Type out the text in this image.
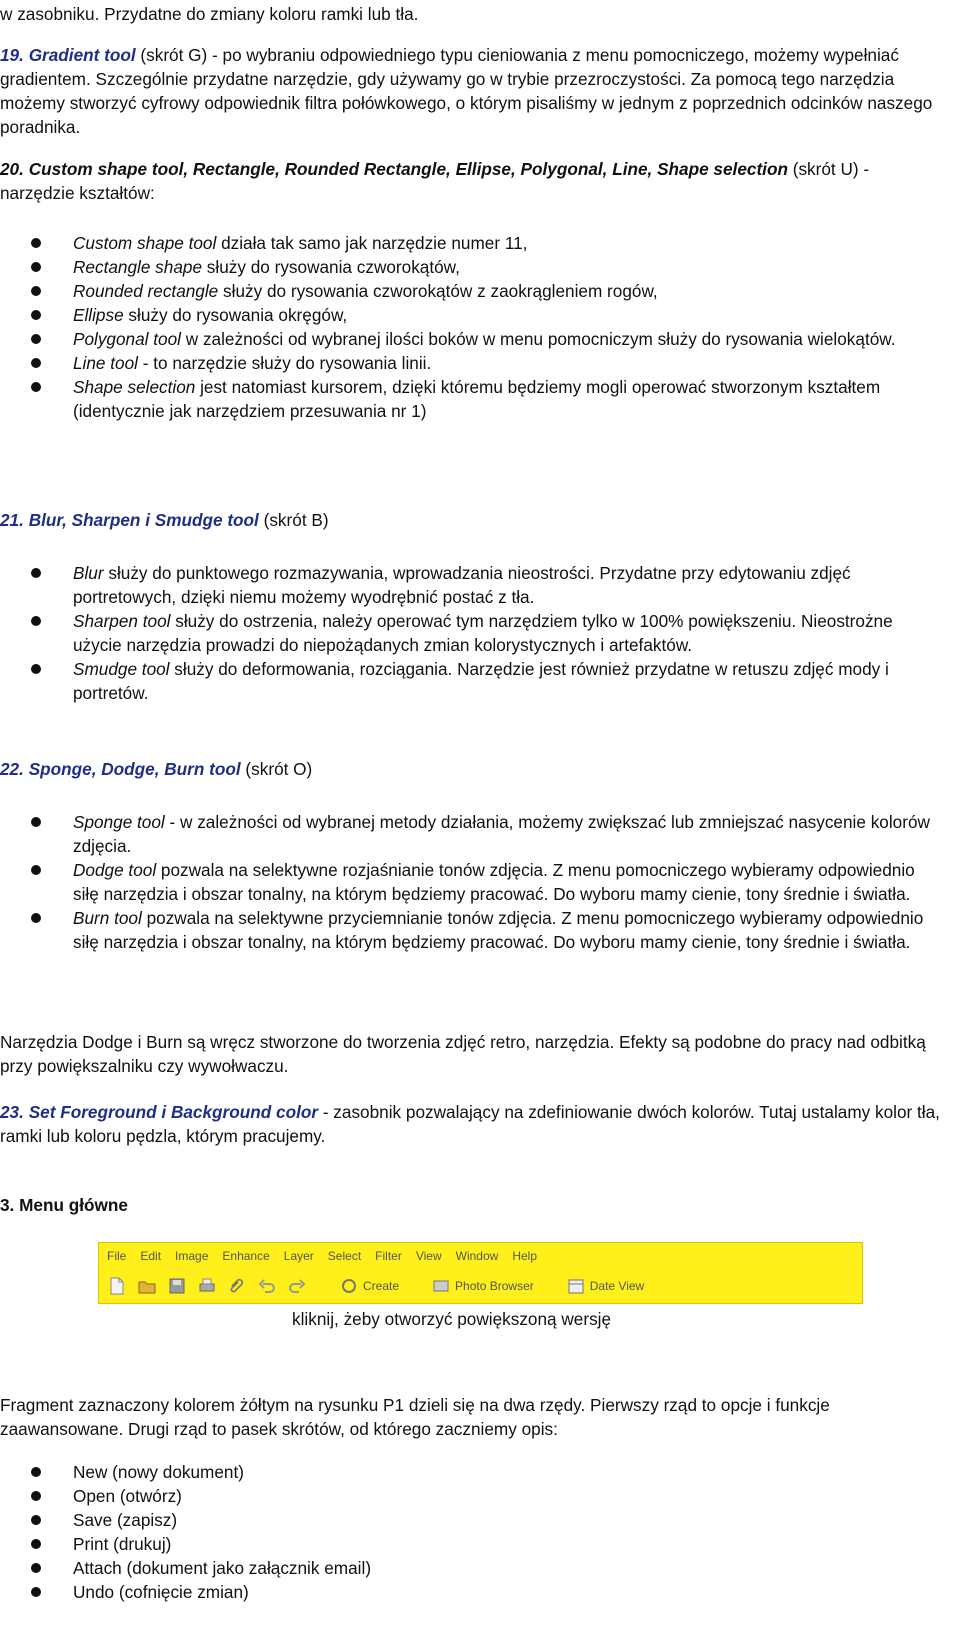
w zasobniku. Przydatne do zmiany koloru ramki lub tła.
19. Gradient tool (skrót G) - po wybraniu odpowiedniego typu cieniowania z menu pomocniczego, możemy wypełniać gradientem. Szczególnie przydatne narzędzie, gdy używamy go w trybie przezroczystości. Za pomocą tego narzędzia możemy stworzyć cyfrowy odpowiednik filtra połówkowego, o którym pisaliśmy w jednym z poprzednich odcinków naszego poradnika.
20. Custom shape tool, Rectangle, Rounded Rectangle, Ellipse, Polygonal, Line, Shape selection (skrót U) - narzędzie kształtów:
Custom shape tool działa tak samo jak narzędzie numer 11,
Rectangle shape służy do rysowania czworokątów,
Rounded rectangle służy do rysowania czworokątów z zaokrągleniem rogów,
Ellipse służy do rysowania okręgów,
Polygonal tool w zależności od wybranej ilości boków w menu pomocniczym służy do rysowania wielokątów.
Line tool - to narzędzie służy do rysowania linii.
Shape selection jest natomiast kursorem, dzięki któremu będziemy mogli operować stworzonym kształtem (identycznie jak narzędziem przesuwania nr 1)
21. Blur, Sharpen i Smudge tool (skrót B)
Blur służy do punktowego rozmazywania, wprowadzania nieostrości. Przydatne przy edytowaniu zdjęć portretowych, dzięki niemu możemy wyodrębnić postać z tła.
Sharpen tool służy do ostrzenia, należy operować tym narzędziem tylko w 100% powiększeniu. Nieostrożne użycie narzędzia prowadzi do niepożądanych zmian kolorystycznych i artefaktów.
Smudge tool służy do deformowania, rozciągania. Narzędzie jest również przydatne w retuszu zdjęć mody i portretów.
22. Sponge, Dodge, Burn tool (skrót O)
Sponge tool - w zależności od wybranej metody działania, możemy zwiększać lub zmniejszać nasycenie kolorów zdjęcia.
Dodge tool pozwala na selektywne rozjaśnianie tonów zdjęcia. Z menu pomocniczego wybieramy odpowiednio siłę narzędzia i obszar tonalny, na którym będziemy pracować. Do wyboru mamy cienie, tony średnie i światła.
Burn tool pozwala na selektywne przyciemnianie tonów zdjęcia. Z menu pomocniczego wybieramy odpowiednio siłę narzędzia i obszar tonalny, na którym będziemy pracować. Do wyboru mamy cienie, tony średnie i światła.
Narzędzia Dodge i Burn są wręcz stworzone do tworzenia zdjęć retro, narzędzia. Efekty są podobne do pracy nad odbitką przy powiększalniku czy wywołwaczu.
23. Set Foreground i Background color - zasobnik pozwalający na zdefiniowanie dwóch kolorów. Tutaj ustalamy kolor tła, ramki lub koloru pędzla, którym pracujemy.
3. Menu główne
File Edit Image Enhance Layer Select Filter View Window Help
Create	Photo Browser	Date View
kliknij, żeby otworzyć powiększoną wersję
Fragment zaznaczony kolorem żółtym na rysunku P1 dzieli się na dwa rzędy. Pierwszy rząd to opcje i funkcje zaawansowane. Drugi rząd to pasek skrótów, od którego zaczniemy opis:
New (nowy dokument)
Open (otwórz)
Save (zapisz)
Print (drukuj)
Attach (dokument jako załącznik email)
Undo (cofnięcie zmian)
